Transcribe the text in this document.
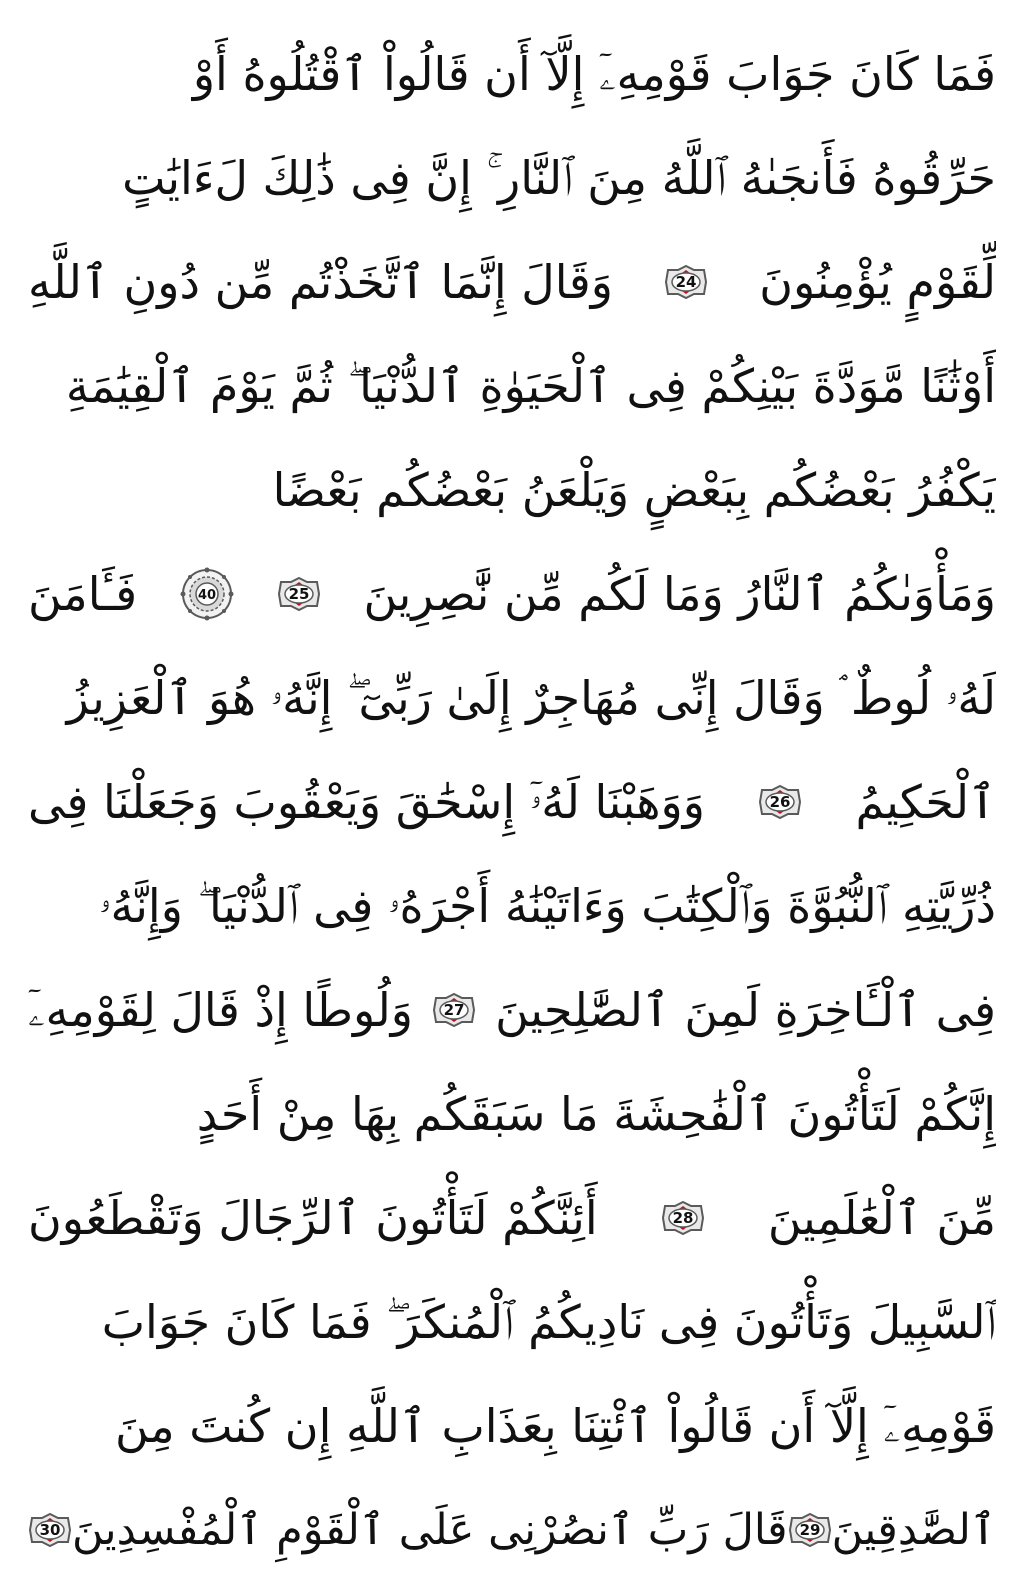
فَمَا كَانَ جَوَابَ قَوْمِهِۦٓ إِلَّآ أَن قَالُواْ ٱقْتُلُوهُ أَوْ
حَرِّقُوهُ فَأَنجَىٰهُ ٱللَّهُ مِنَ ٱلنَّارِ ۚ إِنَّ فِى ذَٰلِكَ لَءَايَٰتٍ
لِّقَوْمٍ يُؤْمِنُونَ
24
وَقَالَ إِنَّمَا ٱتَّخَذْتُم مِّن دُونِ ٱللَّهِ
أَوْثَٰنًا مَّوَدَّةَ بَيْنِكُمْ فِى ٱلْحَيَوٰةِ ٱلدُّنْيَا ۖ ثُمَّ يَوْمَ ٱلْقِيَٰمَةِ
يَكْفُرُ بَعْضُكُم بِبَعْضٍ وَيَلْعَنُ بَعْضُكُم بَعْضًا
وَمَأْوَىٰكُمُ ٱلنَّارُ وَمَا لَكُم مِّن نَّٰصِرِينَ
25
40
فَـَٔامَنَ
لَهُۥ لُوطٌ ۘ وَقَالَ إِنِّى مُهَاجِرٌ إِلَىٰ رَبِّىٓ ۖ إِنَّهُۥ هُوَ ٱلْعَزِيزُ
ٱلْحَكِيمُ
26
وَوَهَبْنَا لَهُۥٓ إِسْحَٰقَ وَيَعْقُوبَ وَجَعَلْنَا فِى
ذُرِّيَّتِهِ ٱلنُّبُوَّةَ وَٱلْكِتَٰبَ وَءَاتَيْنَٰهُ أَجْرَهُۥ فِى ٱلدُّنْيَا ۖ وَإِنَّهُۥ
فِى ٱلْـَٔاخِرَةِ لَمِنَ ٱلصَّٰلِحِينَ
27
وَلُوطًا إِذْ قَالَ لِقَوْمِهِۦٓ
إِنَّكُمْ لَتَأْتُونَ ٱلْفَٰحِشَةَ مَا سَبَقَكُم بِهَا مِنْ أَحَدٍ
مِّنَ ٱلْعَٰلَمِينَ
28
أَئِنَّكُمْ لَتَأْتُونَ ٱلرِّجَالَ وَتَقْطَعُونَ
ٱلسَّبِيلَ وَتَأْتُونَ فِى نَادِيكُمُ ٱلْمُنكَرَ ۖ فَمَا كَانَ جَوَابَ
قَوْمِهِۦٓ إِلَّآ أَن قَالُواْ ٱئْتِنَا بِعَذَابِ ٱللَّهِ إِن كُنتَ مِنَ
ٱلصَّٰدِقِينَ
29
قَالَ رَبِّ ٱنصُرْنِى عَلَى ٱلْقَوْمِ ٱلْمُفْسِدِينَ
30
